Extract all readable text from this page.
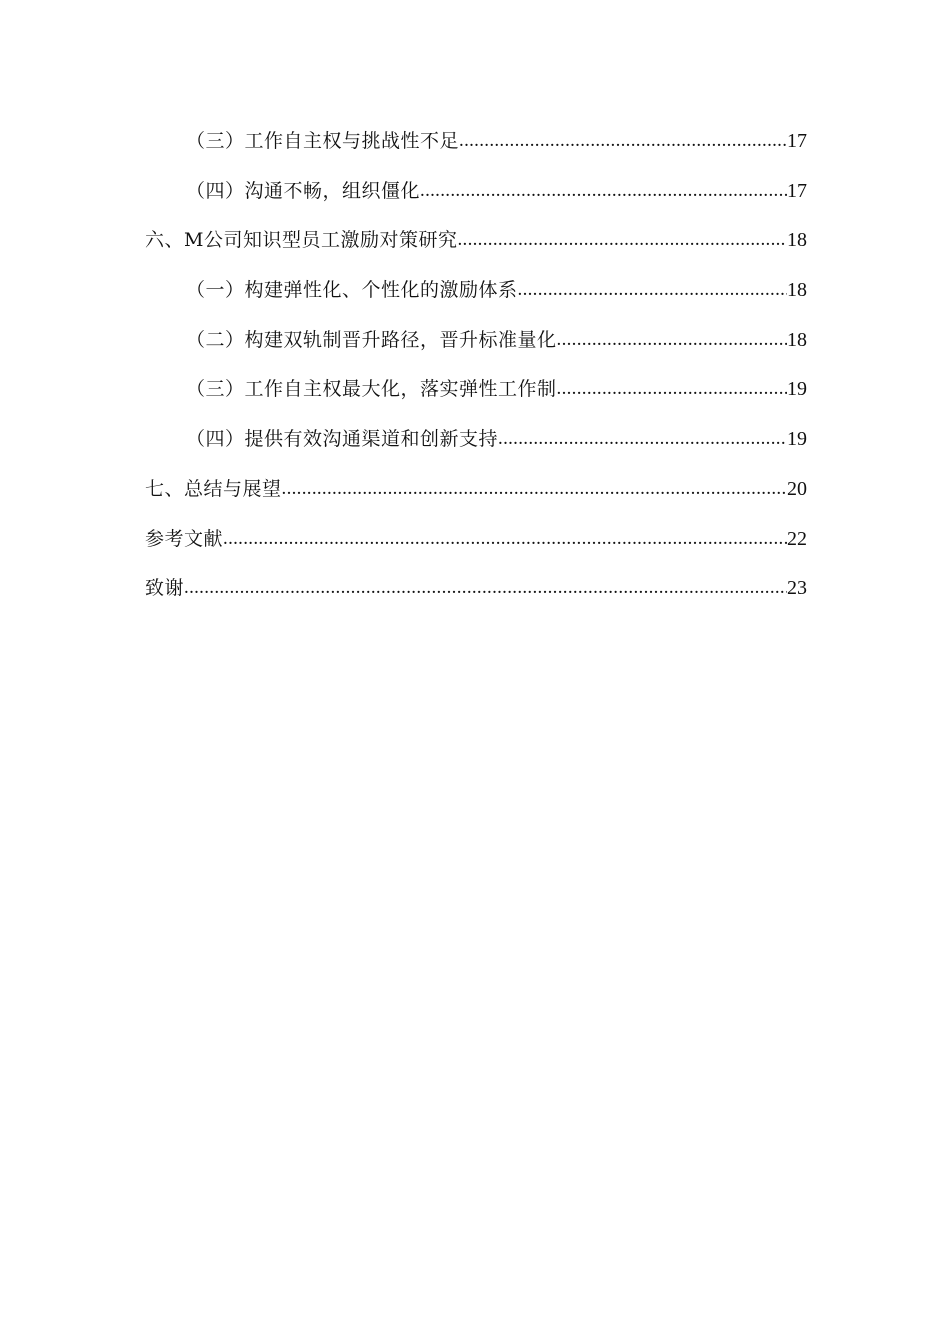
（三）工作自主权与挑战性不足 .....	17
（四）沟通不畅，组织僵化 .....	17
六、M公司知识型员工激励对策研究 .....	18
（一）构建弹性化、个性化的激励体系 .....	18
（二）构建双轨制晋升路径，晋升标准量化 .....	18
（三）工作自主权最大化，落实弹性工作制 .....	19
（四）提供有效沟通渠道和创新支持 .....	19
七、总结与展望 .....	20
参考文献 .....	22
致谢 .....	23
